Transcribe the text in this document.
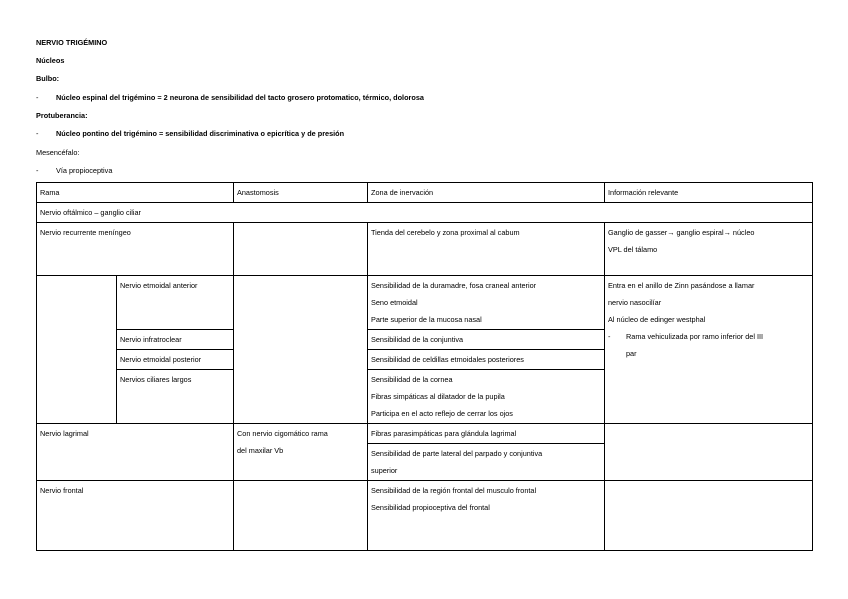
NERVIO TRIGÉMINO
Núcleos
Bulbo:
- Núcleo espinal del trigémino = 2 neurona de sensibilidad del tacto grosero protomatico, térmico, dolorosa
Protuberancia:
- Núcleo pontino del trigémino = sensibilidad discriminativa o epicrítica y de presión
Mesencéfalo:
- Vía propioceptiva
Rama		Anastomosis	Zona de inervación	Información relevante
Nervio oftálmico – ganglio ciliar				
Nervio recurrente meníngeo			Tienda del cerebelo y zona proximal al cabum	Ganglio de gasser→ ganglio espiral→ núcleo
VPL del tálamo

	Nervio etmoidal anterior		Sensibilidad de la duramadre, fosa craneal anterior
Seno etmoidal
Parte superior de la mucosa nasal	Entra en el anillo de Zinn pasándose a llamar
nervio nasocilíar
Al núcleo de edinger westphal
- Rama vehiculizada por ramo inferior del III
par

	Nervio infratroclear		Sensibilidad de la conjuntiva	
	Nervio etmoidal posterior		Sensibilidad de celdillas etmoidales posteriores	
	Nervios ciliares largos		Sensibilidad de la cornea
Fibras simpáticas al dilatador de la pupila
Participa en el acto reflejo de cerrar los ojos	

Nervio lagrimal		Con nervio cigomático rama
del maxilar Vb	Fibras parasimpáticas para glándula lagrimal	

			Sensibilidad de parte lateral del parpado y conjuntiva
superior	

Nervio frontal			Sensibilidad de la región frontal del musculo frontal
Sensibilidad propioceptiva del frontal	
